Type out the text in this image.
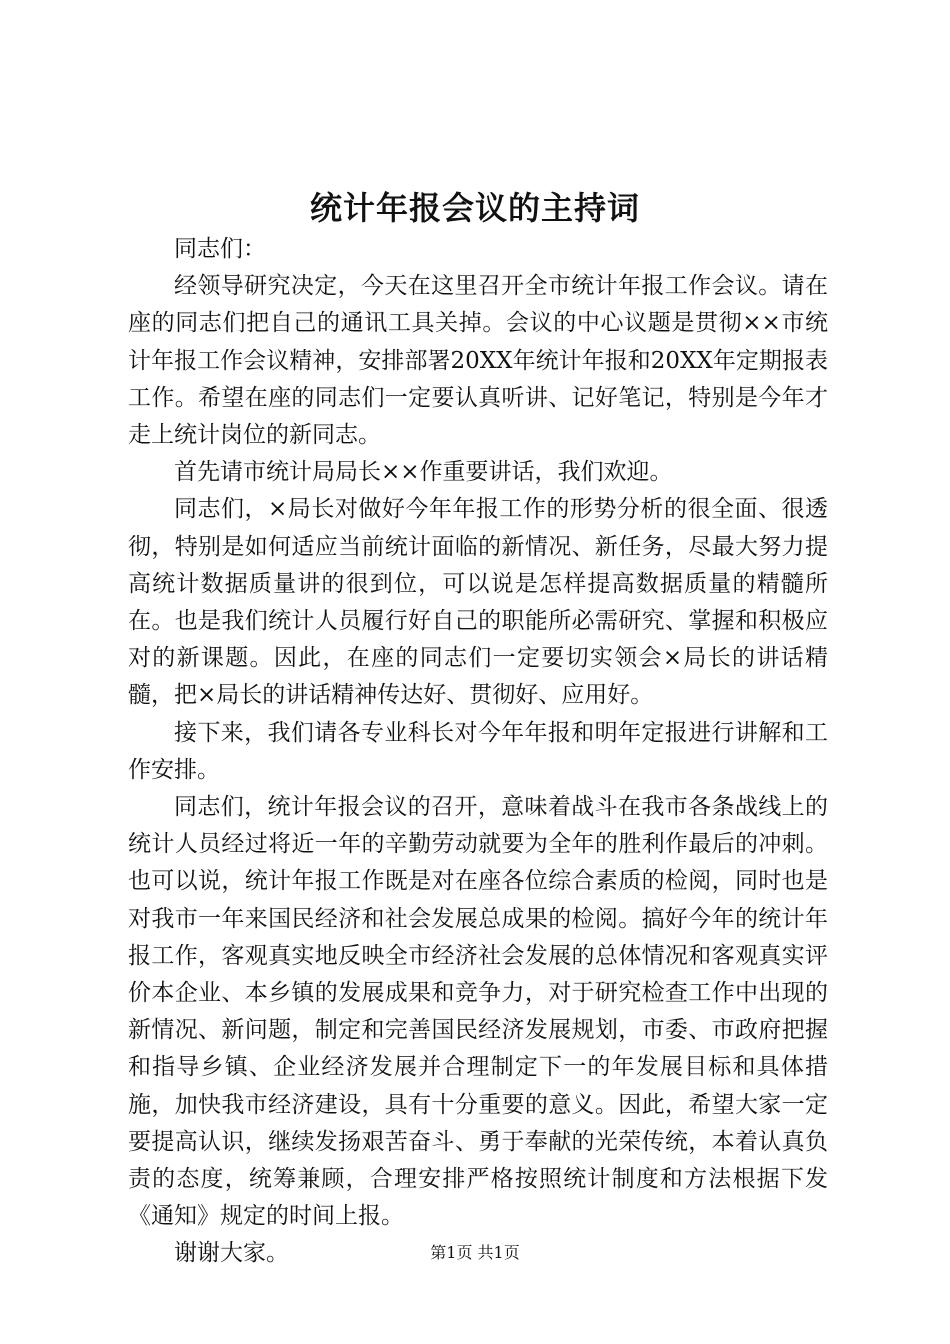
统计年报会议的主持词

同志们：

经领导研究决定，今天在这里召开全市统计年报工作会议。请在座的同志们把自己的通讯工具关掉。会议的中心议题是贯彻××市统计年报工作会议精神，安排部署20XX年统计年报和20XX年定期报表工作。希望在座的同志们一定要认真听讲、记好笔记，特别是今年才走上统计岗位的新同志。

首先请市统计局局长××作重要讲话，我们欢迎。

同志们，×局长对做好今年年报工作的形势分析的很全面、很透彻，特别是如何适应当前统计面临的新情况、新任务，尽最大努力提高统计数据质量讲的很到位，可以说是怎样提高数据质量的精髓所在。也是我们统计人员履行好自己的职能所必需研究、掌握和积极应对的新课题。因此，在座的同志们一定要切实领会×局长的讲话精髓，把×局长的讲话精神传达好、贯彻好、应用好。

接下来，我们请各专业科长对今年年报和明年定报进行讲解和工作安排。

同志们，统计年报会议的召开，意味着战斗在我市各条战线上的统计人员经过将近一年的辛勤劳动就要为全年的胜利作最后的冲刺。也可以说，统计年报工作既是对在座各位综合素质的检阅，同时也是对我市一年来国民经济和社会发展总成果的检阅。搞好今年的统计年报工作，客观真实地反映全市经济社会发展的总体情况和客观真实评价本企业、本乡镇的发展成果和竞争力，对于研究检查工作中出现的新情况、新问题，制定和完善国民经济发展规划，市委、市政府把握和指导乡镇、企业经济发展并合理制定下一的年发展目标和具体措施，加快我市经济建设，具有十分重要的意义。因此，希望大家一定要提高认识，继续发扬艰苦奋斗、勇于奉献的光荣传统，本着认真负责的态度，统筹兼顾，合理安排严格按照统计制度和方法根据下发《通知》规定的时间上报。

谢谢大家。	第1页 共1页
